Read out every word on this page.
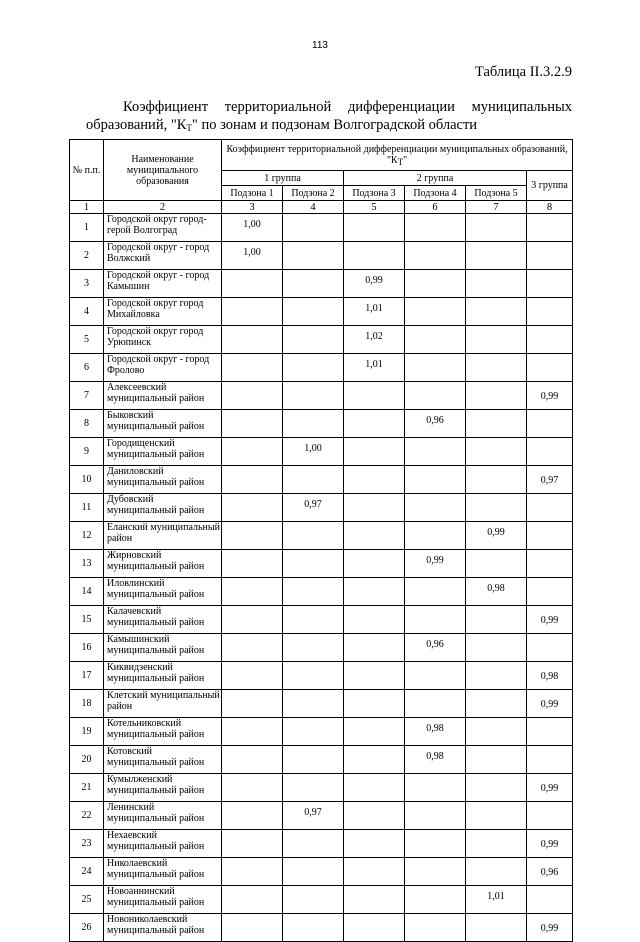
113
Таблица II.3.2.9
Коэффициент территориальной дифференциации муниципальных
образований, "$К_Т$" по зонам и подзонам Волгоградской области
№ п.п.	Наименование муниципального образования	Коэффициент территориальной дифференциации муниципальных образований, "$К_Т$"					
		1 группа		2 группа			3 группа
		Подзона 1	Подзона 2	Подзона 3	Подзона 4	Подзона 5	
1	2	3	4	5	6	7	8
1	Городской округ город-герой Волгоград	1,00					
2	Городской округ - город Волжский	1,00					
3	Городской округ - город Камышин			0,99			
4	Городской округ город Михайловка			1,01			
5	Городской округ город Урюпинск			1,02			
6	Городской округ - город Фролово			1,01			
7	Алексеевский муниципальный район						0,99
8	Быковский муниципальный район				0,96		
9	Городищенский муниципальный район		1,00				
10	Даниловский муниципальный район						0,97
11	Дубовский муниципальный район		0,97				
12	Еланский муниципальный район					0,99	
13	Жирновский муниципальный район				0,99		
14	Иловлинский муниципальный район					0,98	
15	Калачевский муниципальный район						0,99
16	Камышинский муниципальный район				0,96		
17	Киквидзенский муниципальный район						0,98
18	Клетский муниципальный район						0,99
19	Котельниковский муниципальный район				0,98		
20	Котовский муниципальный район				0,98		
21	Кумылженский муниципальный район						0,99
22	Ленинский муниципальный район		0,97				
23	Нехаевский муниципальный район						0,99
24	Николаевский муниципальный район						0,96
25	Новоаннинский муниципальный район					1,01	
26	Новониколаевский муниципальный район						0,99
